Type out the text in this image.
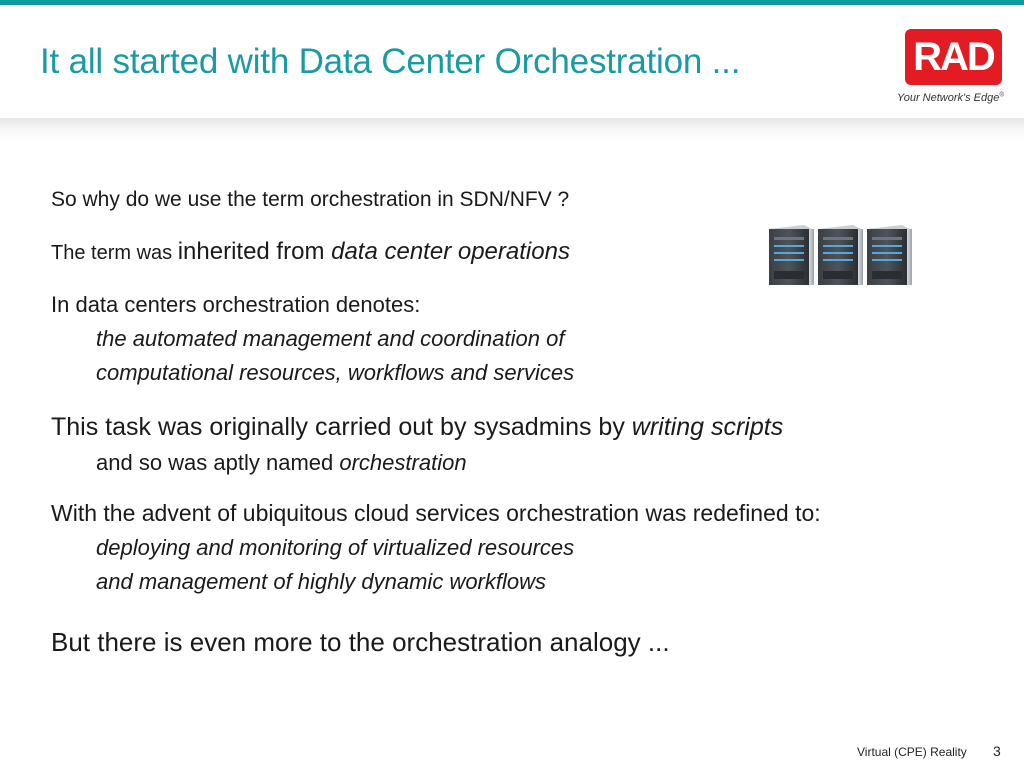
It all started with Data Center Orchestration ...	RAD
Your Network's Edge®
So why do we use the term orchestration in SDN/NFV ?
The term was inherited from data center operations
In data centers orchestration denotes:
the automated management and coordination of
computational resources, workflows and services
This task was originally carried out by sysadmins by writing scripts
and so was aptly named orchestration
With the advent of ubiquitous cloud services orchestration was redefined to:
deploying and monitoring of virtualized resources
and management of highly dynamic workflows
But there is even more to the orchestration analogy ...
Virtual (CPE) Reality 3
